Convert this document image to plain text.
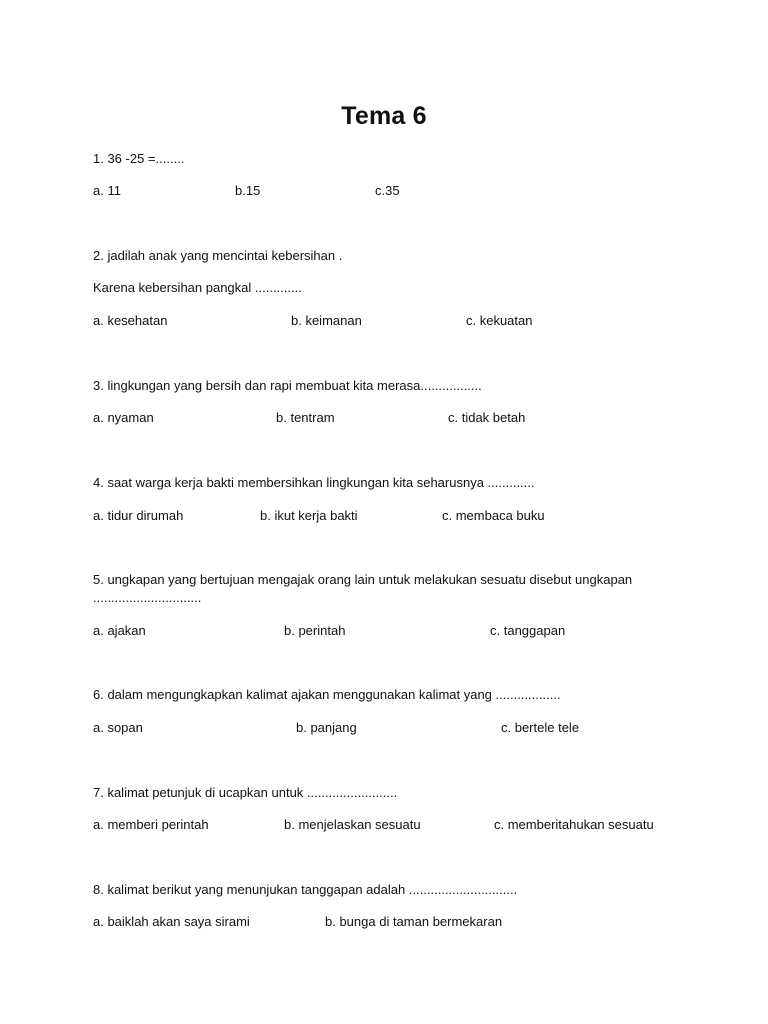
Tema 6
1. 36 -25 =........
a. 11	b.15	c.35
2. jadilah anak yang mencintai kebersihan .
Karena kebersihan pangkal .............
a. kesehatan	b. keimanan	c. kekuatan
3. lingkungan yang bersih dan rapi membuat kita merasa.................
a. nyaman	b. tentram	c. tidak betah
4. saat warga kerja bakti membersihkan lingkungan kita seharusnya .............
a. tidur dirumah	b. ikut kerja bakti	c. membaca buku
5. ungkapan yang bertujuan mengajak orang lain untuk melakukan sesuatu disebut ungkapan ..............................
a. ajakan	b. perintah	c. tanggapan
6. dalam mengungkapkan kalimat ajakan menggunakan kalimat yang ..................
a. sopan	b. panjang	c. bertele tele
7. kalimat petunjuk di ucapkan untuk .........................
a. memberi perintah	b. menjelaskan sesuatu	c. memberitahukan sesuatu
8. kalimat berikut yang menunjukan tanggapan adalah ..............................
a. baiklah akan saya sirami	b. bunga di taman bermekaran
